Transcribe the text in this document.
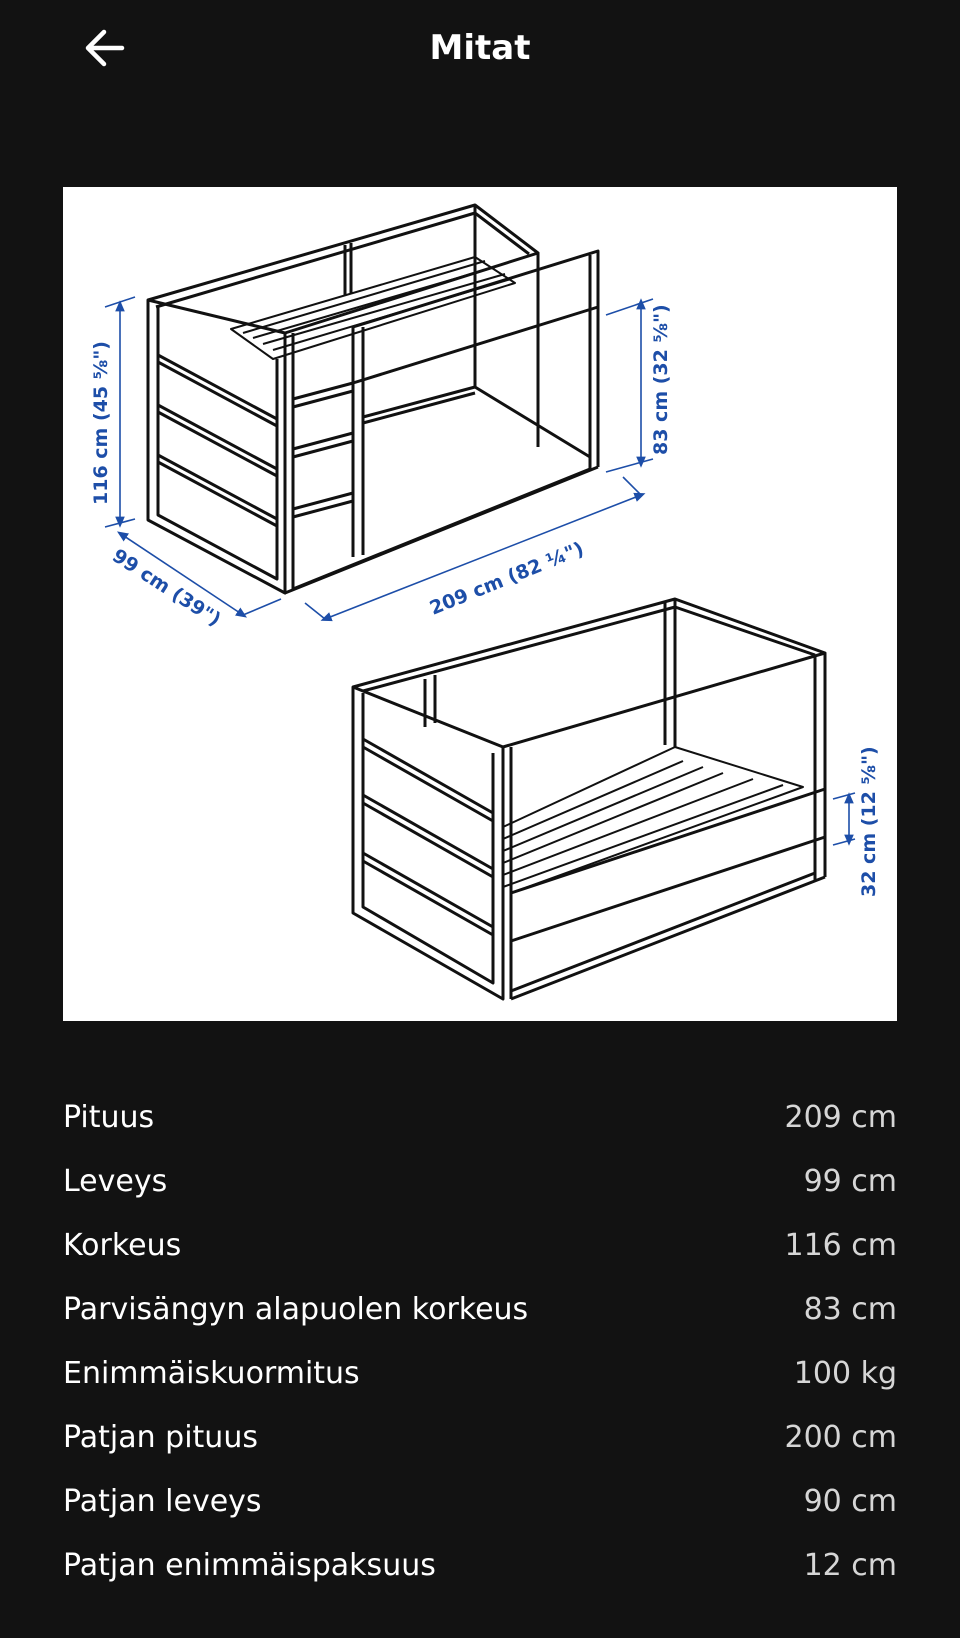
Mitat
116 cm (45 ⅝")
99 cm (39")	209 cm (82 ¼")
83 cm (32 ⅝")
32 cm (12 ⅝")
Pituus	209 cm
Leveys	99 cm
Korkeus	116 cm
Parvisängyn alapuolen korkeus	83 cm
Enimmäiskuormitus	100 kg
Patjan pituus	200 cm
Patjan leveys	90 cm
Patjan enimmäispaksuus	12 cm
